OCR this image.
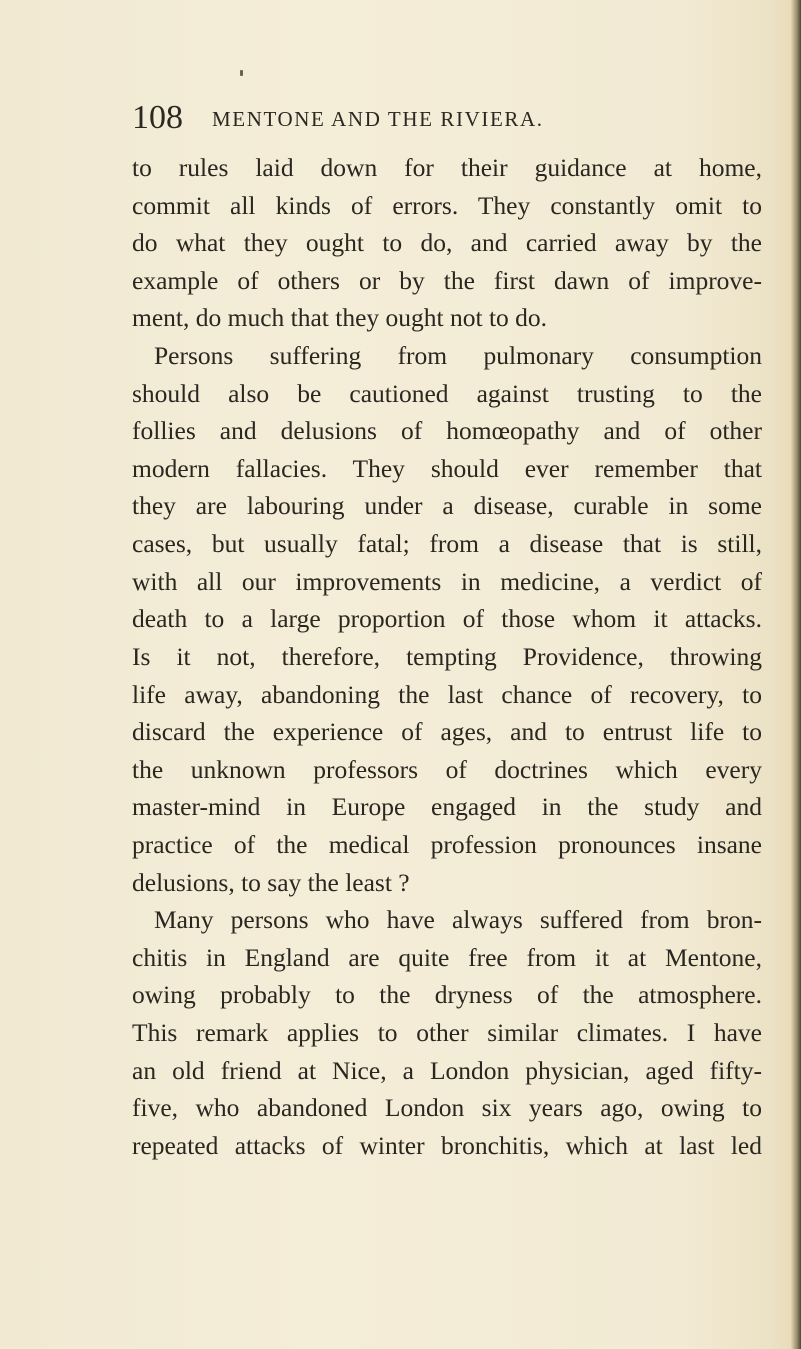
108 MENTONE AND THE RIVIERA.
to rules laid down for their guidance at home,
commit all kinds of errors. They constantly omit to
do what they ought to do, and carried away by the
example of others or by the first dawn of improve-
ment, do much that they ought not to do.
Persons suffering from pulmonary consumption
should also be cautioned against trusting to the
follies and delusions of homœopathy and of other
modern fallacies. They should ever remember that
they are labouring under a disease, curable in some
cases, but usually fatal; from a disease that is still,
with all our improvements in medicine, a verdict of
death to a large proportion of those whom it attacks.
Is it not, therefore, tempting Providence, throwing
life away, abandoning the last chance of recovery, to
discard the experience of ages, and to entrust life to
the unknown professors of doctrines which every
master-mind in Europe engaged in the study and
practice of the medical profession pronounces insane
delusions, to say the least ?
Many persons who have always suffered from bron-
chitis in England are quite free from it at Mentone,
owing probably to the dryness of the atmosphere.
This remark applies to other similar climates. I have
an old friend at Nice, a London physician, aged fifty-
five, who abandoned London six years ago, owing to
repeated attacks of winter bronchitis, which at last led
